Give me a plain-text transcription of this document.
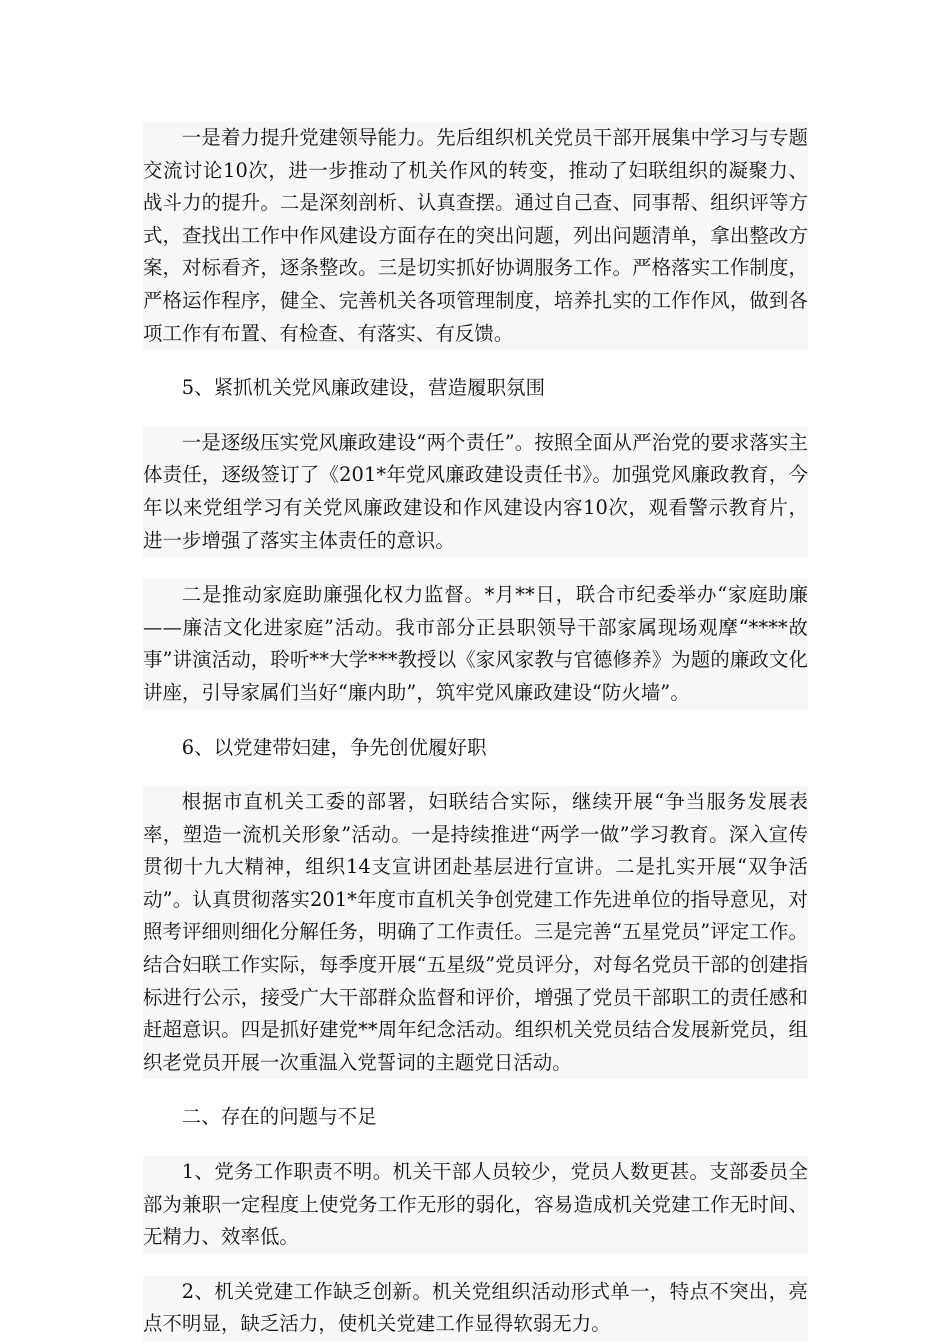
一是着力提升党建领导能力。先后组织机关党员干部开展集中学习与专题交流讨论10次，进一步推动了机关作风的转变，推动了妇联组织的凝聚力、战斗力的提升。二是深刻剖析、认真查摆。通过自己查、同事帮、组织评等方式，查找出工作中作风建设方面存在的突出问题，列出问题清单，拿出整改方案，对标看齐，逐条整改。三是切实抓好协调服务工作。严格落实工作制度，严格运作程序，健全、完善机关各项管理制度，培养扎实的工作作风，做到各项工作有布置、有检查、有落实、有反馈。

5、紧抓机关党风廉政建设，营造履职氛围

一是逐级压实党风廉政建设“两个责任”。按照全面从严治党的要求落实主体责任，逐级签订了《201*年党风廉政建设责任书》。加强党风廉政教育，今年以来党组学习有关党风廉政建设和作风建设内容10次，观看警示教育片，进一步增强了落实主体责任的意识。

二是推动家庭助廉强化权力监督。*月**日，联合市纪委举办“家庭助廉——廉洁文化进家庭”活动。我市部分正县职领导干部家属现场观摩“****故事”讲演活动，聆听**大学***教授以《家风家教与官德修养》为题的廉政文化讲座，引导家属们当好“廉内助”，筑牢党风廉政建设“防火墙”。

6、以党建带妇建，争先创优履好职

根据市直机关工委的部署，妇联结合实际，继续开展“争当服务发展表率，塑造一流机关形象”活动。一是持续推进“两学一做”学习教育。深入宣传贯彻十九大精神，组织14支宣讲团赴基层进行宣讲。二是扎实开展“双争活动”。认真贯彻落实201*年度市直机关争创党建工作先进单位的指导意见，对照考评细则细化分解任务，明确了工作责任。三是完善“五星党员”评定工作。结合妇联工作实际，每季度开展“五星级”党员评分，对每名党员干部的创建指标进行公示，接受广大干部群众监督和评价，增强了党员干部职工的责任感和赶超意识。四是抓好建党**周年纪念活动。组织机关党员结合发展新党员，组织老党员开展一次重温入党誓词的主题党日活动。

二、存在的问题与不足

1、党务工作职责不明。机关干部人员较少，党员人数更甚。支部委员全部为兼职一定程度上使党务工作无形的弱化，容易造成机关党建工作无时间、无精力、效率低。

2、机关党建工作缺乏创新。机关党组织活动形式单一，特点不突出，亮点不明显，缺乏活力，使机关党建工作显得软弱无力。
